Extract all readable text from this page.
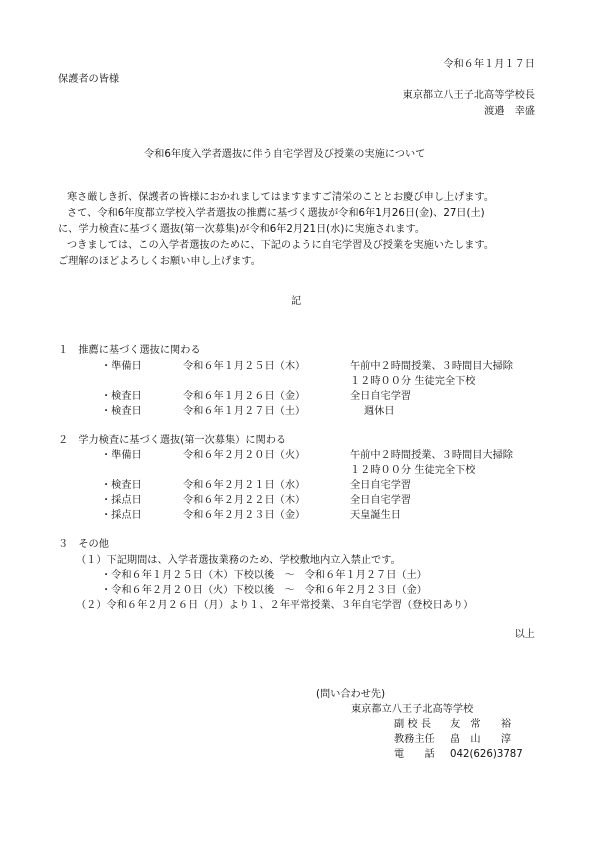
令和６年１月１７日
保護者の皆様
東京都立八王子北高等学校長
渡邉　幸盛
令和6年度入学者選抜に伴う自宅学習及び授業の実施について
寒さ厳しき折、保護者の皆様におかれましてはますますご清栄のこととお慶び申し上げます。
さて、令和6年度都立学校入学者選抜の推薦に基づく選抜が令和6年1月26日(金)、27日(土)
に、学力検査に基づく選抜(第一次募集)が令和6年2月21日(水)に実施されます。
つきましては、この入学者選抜のために、下記のように自宅学習及び授業を実施いたします。
ご理解のほどよろしくお願い申し上げます。
記
１　推薦に基づく選抜に関わる
・準備日	令和６年１月２５日（木）	午前中２時間授業、３時間目大掃除
１２時００分 生徒完全下校
・検査日	令和６年１月２６日（金）	全日自宅学習
・検査日	令和６年１月２７日（土）	週休日
２　学力検査に基づく選抜(第一次募集）に関わる
・準備日	令和６年２月２０日（火）	午前中２時間授業、３時間目大掃除
１２時００分 生徒完全下校
・検査日	令和６年２月２１日（水）	全日自宅学習
・採点日	令和６年２月２２日（木）	全日自宅学習
・採点日	令和６年２月２３日（金）	天皇誕生日
３　その他
（１）下記期間は、入学者選抜業務のため、学校敷地内立入禁止です。
・令和６年１月２５日（木）下校以後　～　令和６年１月２７日（土）
・令和６年２月２０日（火）下校以後　～　令和６年２月２３日（金）
（２）令和６年２月２６日（月）より１、２年平常授業、３年自宅学習（登校日あり）
以上
(問い合わせ先)
東京都立八王子北高等学校
副 校 長 友　常　　裕
教務主任 畠　山　　淳
電　　話 042(626)3787
